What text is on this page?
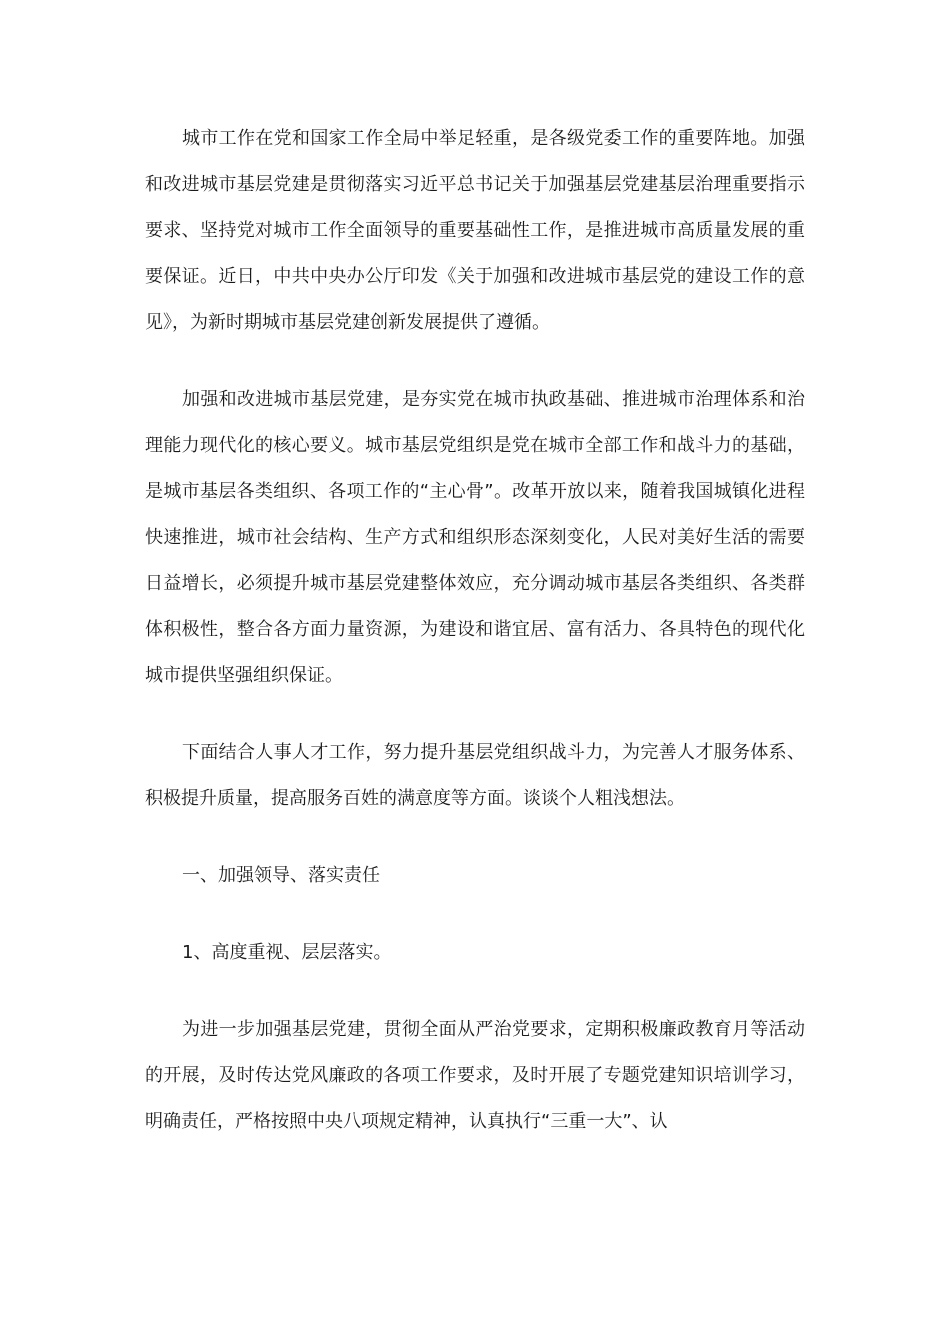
城市工作在党和国家工作全局中举足轻重，是各级党委工作的重要阵地。加强和改进城市基层党建是贯彻落实习近平总书记关于加强基层党建基层治理重要指示要求、坚持党对城市工作全面领导的重要基础性工作，是推进城市高质量发展的重要保证。近日，中共中央办公厅印发《关于加强和改进城市基层党的建设工作的意见》，为新时期城市基层党建创新发展提供了遵循。

加强和改进城市基层党建，是夯实党在城市执政基础、推进城市治理体系和治理能力现代化的核心要义。城市基层党组织是党在城市全部工作和战斗力的基础，是城市基层各类组织、各项工作的“主心骨”。改革开放以来，随着我国城镇化进程快速推进，城市社会结构、生产方式和组织形态深刻变化，人民对美好生活的需要日益增长，必须提升城市基层党建整体效应，充分调动城市基层各类组织、各类群体积极性，整合各方面力量资源，为建设和谐宜居、富有活力、各具特色的现代化城市提供坚强组织保证。

下面结合人事人才工作，努力提升基层党组织战斗力，为完善人才服务体系、积极提升质量，提高服务百姓的满意度等方面。谈谈个人粗浅想法。

一、加强领导、落实责任

1、高度重视、层层落实。

为进一步加强基层党建，贯彻全面从严治党要求，定期积极廉政教育月等活动的开展，及时传达党风廉政的各项工作要求，及时开展了专题党建知识培训学习，明确责任，严格按照中央八项规定精神，认真执行“三重一大”、认
